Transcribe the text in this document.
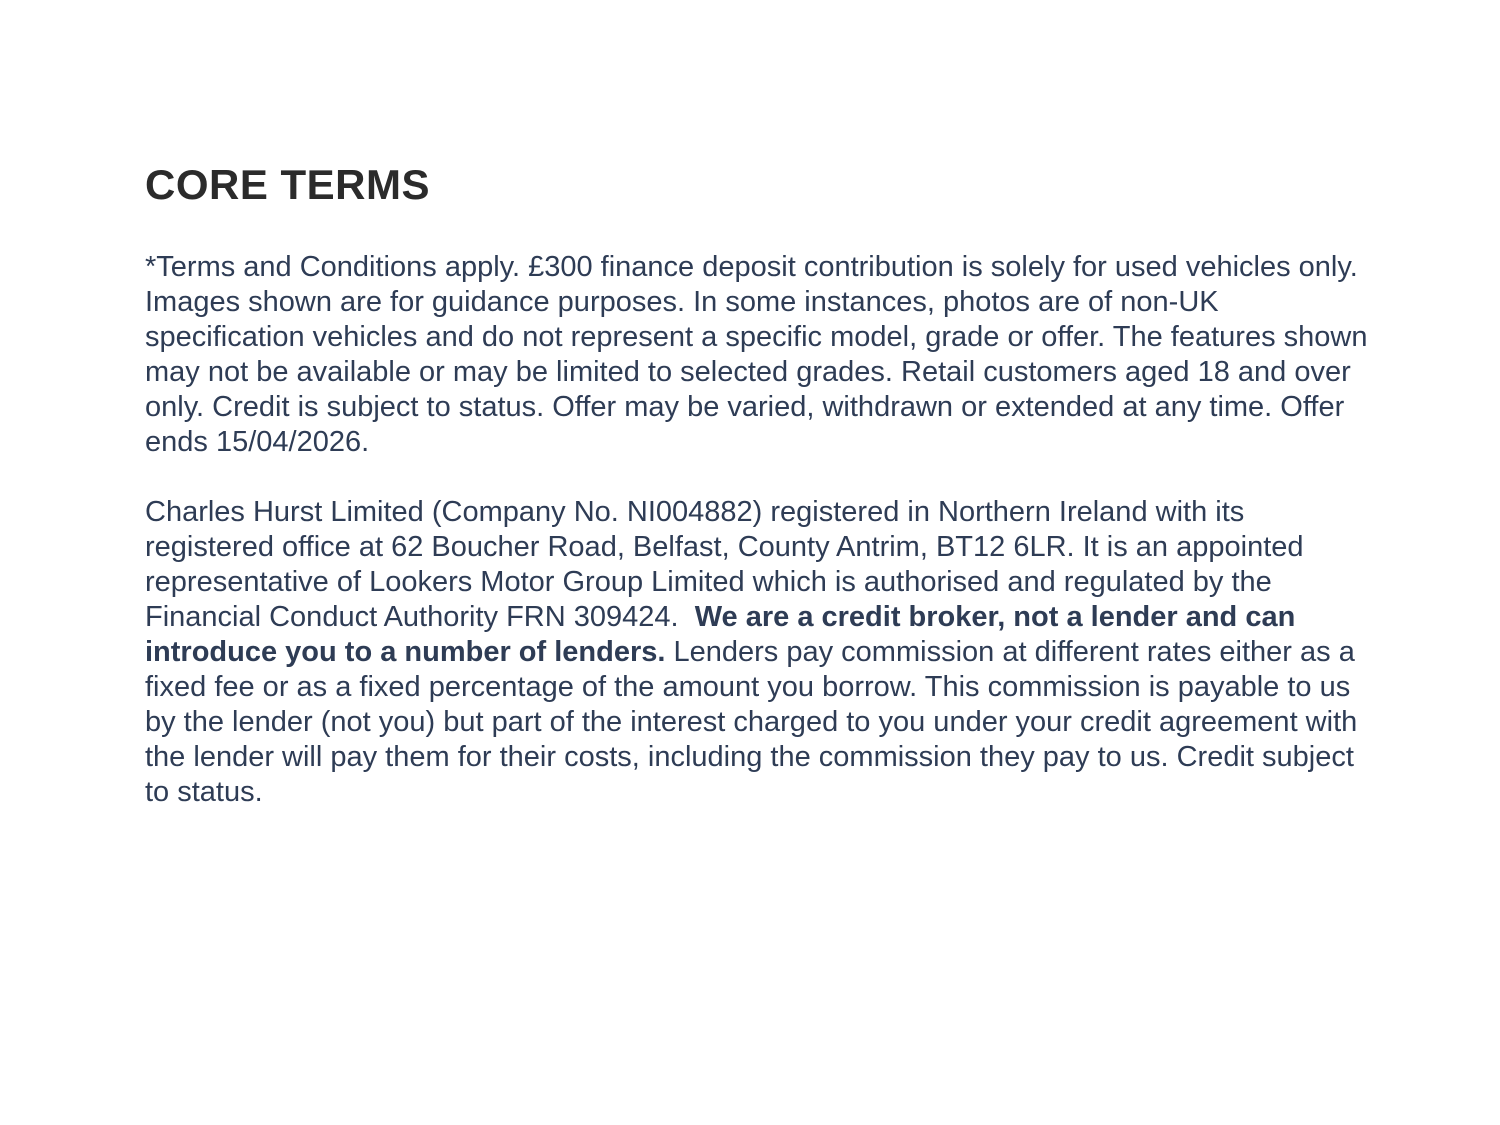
CORE TERMS

*Terms and Conditions apply. £300 finance deposit contribution is solely for used vehicles only. Images shown are for guidance purposes. In some instances, photos are of non-UK specification vehicles and do not represent a specific model, grade or offer. The features shown may not be available or may be limited to selected grades. Retail customers aged 18 and over only. Credit is subject to status. Offer may be varied, withdrawn or extended at any time. Offer ends 15/04/2026.

Charles Hurst Limited (Company No. NI004882) registered in Northern Ireland with its registered office at 62 Boucher Road, Belfast, County Antrim, BT12 6LR. It is an appointed representative of Lookers Motor Group Limited which is authorised and regulated by the Financial Conduct Authority FRN 309424.  We are a credit broker, not a lender and can introduce you to a number of lenders. Lenders pay commission at different rates either as a fixed fee or as a fixed percentage of the amount you borrow. This commission is payable to us by the lender (not you) but part of the interest charged to you under your credit agreement with the lender will pay them for their costs, including the commission they pay to us. Credit subject to status.
